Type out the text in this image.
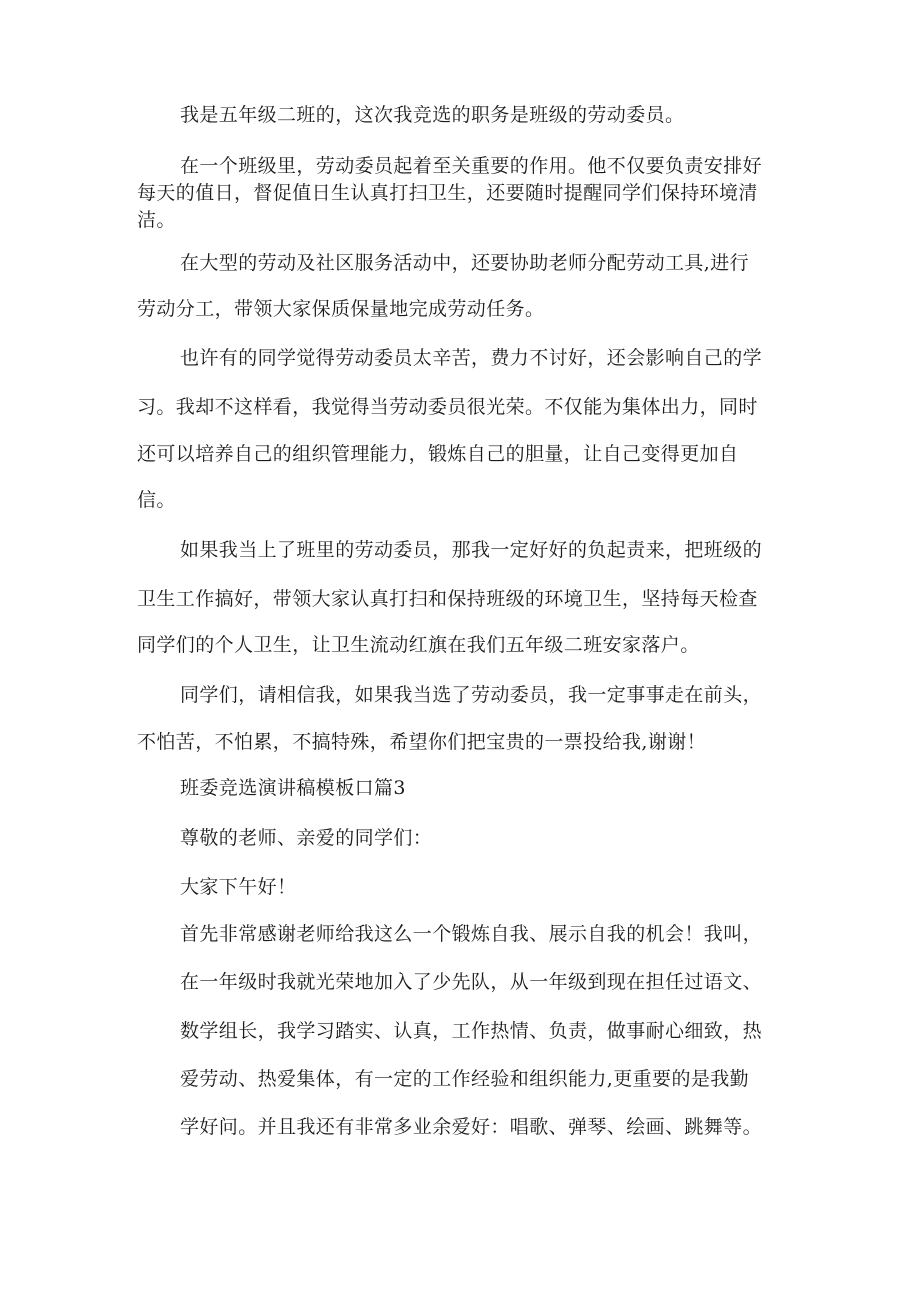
我是五年级二班的，这次我竞选的职务是班级的劳动委员。

在一个班级里，劳动委员起着至关重要的作用。他不仅要负责安排好

每天的值日，督促值日生认真打扫卫生，还要随时提醒同学们保持环境清

洁。

在大型的劳动及社区服务活动中，还要协助老师分配劳动工具,进行

劳动分工，带领大家保质保量地完成劳动任务。

也许有的同学觉得劳动委员太辛苦，费力不讨好，还会影响自己的学

习。我却不这样看，我觉得当劳动委员很光荣。不仅能为集体出力，同时

还可以培养自己的组织管理能力，锻炼自己的胆量，让自己变得更加自

信。

如果我当上了班里的劳动委员，那我一定好好的负起责来，把班级的

卫生工作搞好，带领大家认真打扫和保持班级的环境卫生，坚持每天检查

同学们的个人卫生，让卫生流动红旗在我们五年级二班安家落户。

同学们，请相信我，如果我当选了劳动委员，我一定事事走在前头，

不怕苦，不怕累，不搞特殊，希望你们把宝贵的一票投给我,谢谢！

班委竞选演讲稿模板口篇3

尊敬的老师、亲爱的同学们：

大家下午好！

首先非常感谢老师给我这么一个锻炼自我、展示自我的机会！我叫，

在一年级时我就光荣地加入了少先队，从一年级到现在担任过语文、

数学组长，我学习踏实、认真，工作热情、负责，做事耐心细致，热

爱劳动、热爱集体，有一定的工作经验和组织能力,更重要的是我勤

学好问。并且我还有非常多业余爱好：唱歌、弹琴、绘画、跳舞等。
